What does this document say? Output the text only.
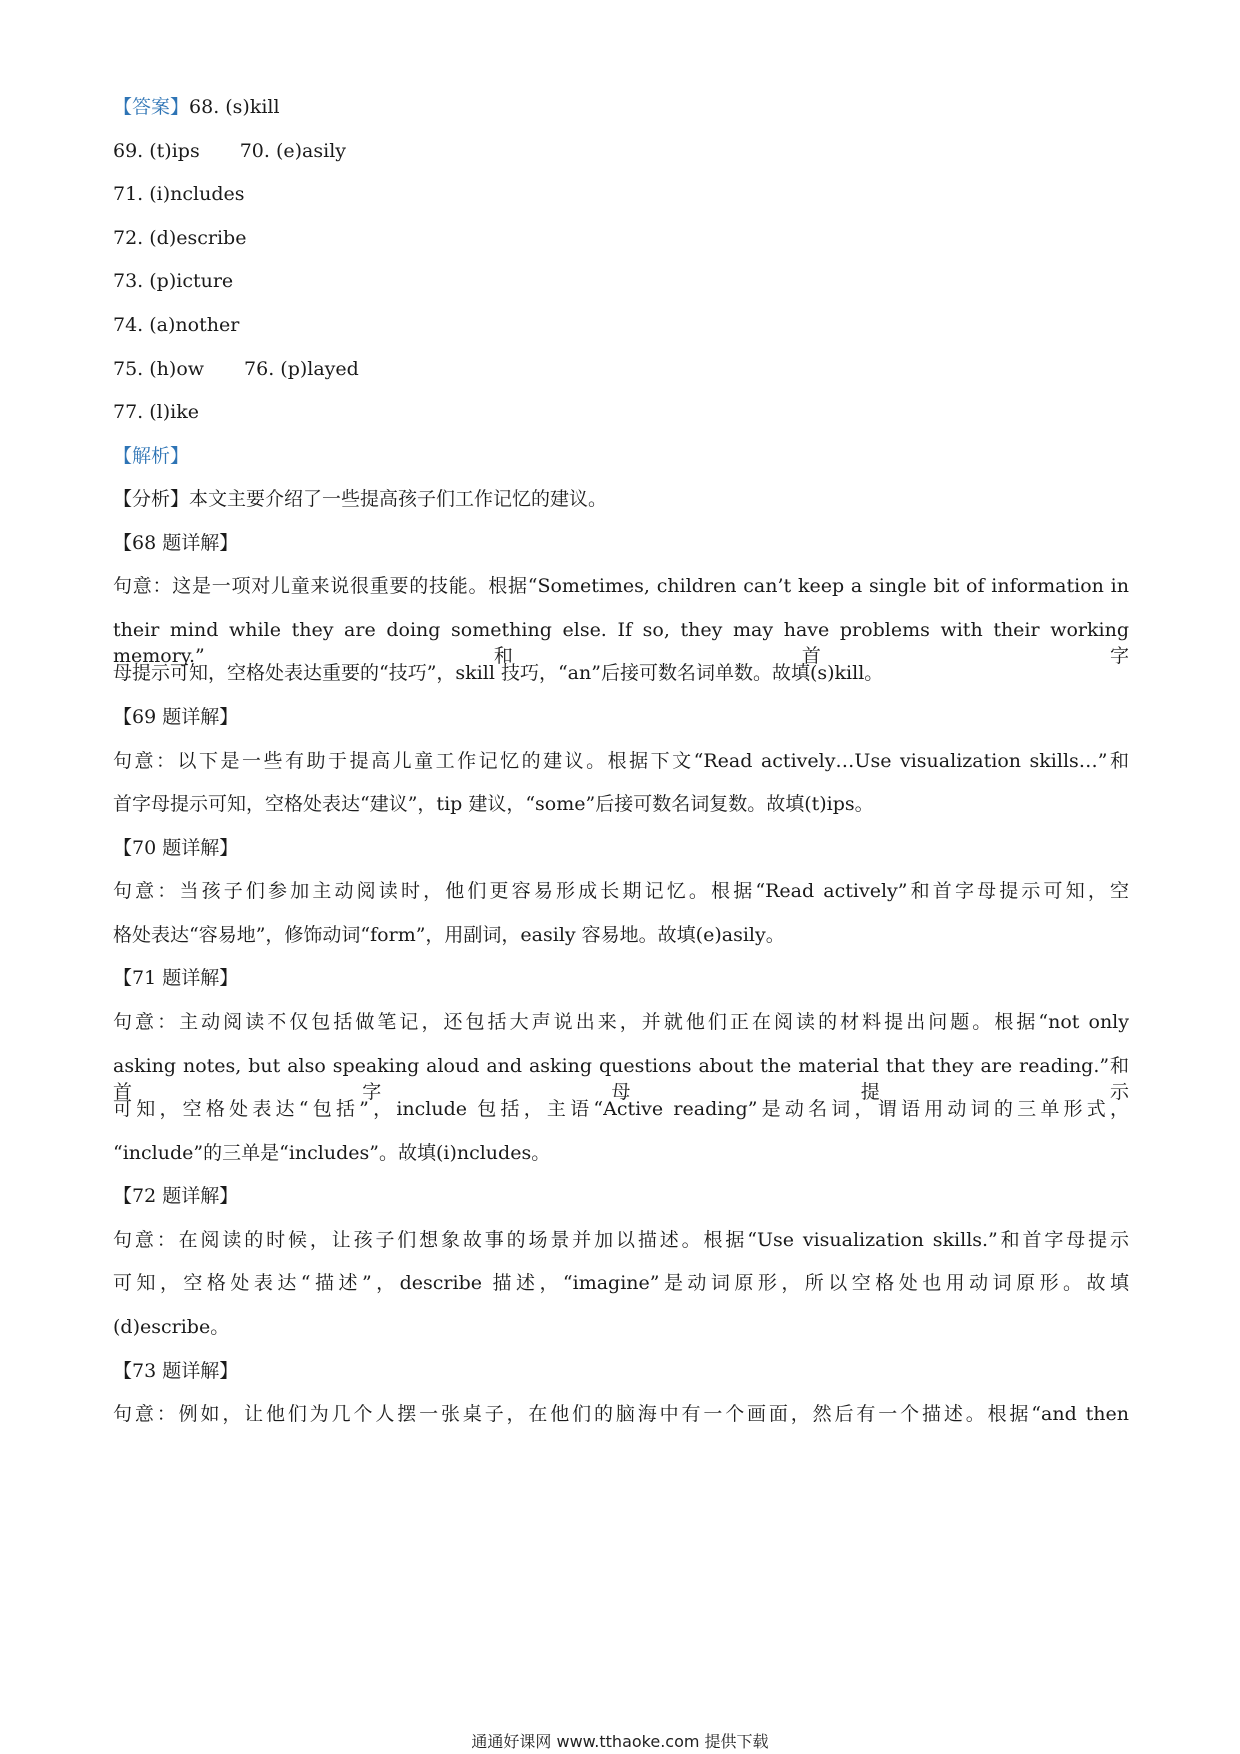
【答案】68. (s)kill
69. (t)ips 70. (e)asily
71. (i)ncludes
72. (d)escribe
73. (p)icture
74. (a)nother
75. (h)ow 76. (p)layed
77. (l)ike
【解析】
【分析】本文主要介绍了一些提高孩子们工作记忆的建议。
【68 题详解】
句意：这是一项对儿童来说很重要的技能。根据“Sometimes, children can’t keep a single bit of information in
their mind while they are doing something else. If so, they may have problems with their working memory.”和首字
母提示可知，空格处表达重要的“技巧”，skill 技巧，“an”后接可数名词单数。故填(s)kill。
【69 题详解】
句意：以下是一些有助于提高儿童工作记忆的建议。根据下文“Read actively…Use visualization skills…”和
首字母提示可知，空格处表达“建议”，tip 建议，“some”后接可数名词复数。故填(t)ips。
【70 题详解】
句意：当孩子们参加主动阅读时，他们更容易形成长期记忆。根据“Read actively”和首字母提示可知，空
格处表达“容易地”，修饰动词“form”，用副词，easily 容易地。故填(e)asily。
【71 题详解】
句意：主动阅读不仅包括做笔记，还包括大声说出来，并就他们正在阅读的材料提出问题。根据“not only
asking notes, but also speaking aloud and asking questions about the material that they are reading.”和首字母提示
可知，空格处表达“包括”，include 包括，主语“Active reading”是动名词，谓语用动词的三单形式，
“include”的三单是“includes”。故填(i)ncludes。
【72 题详解】
句意：在阅读的时候，让孩子们想象故事的场景并加以描述。根据“Use visualization skills.”和首字母提示
可知，空格处表达“描述”，describe 描述，“imagine”是动词原形，所以空格处也用动词原形。故填
(d)escribe。
【73 题详解】
句意：例如，让他们为几个人摆一张桌子，在他们的脑海中有一个画面，然后有一个描述。根据“and then
通通好课网 www.tthaoke.com 提供下载
